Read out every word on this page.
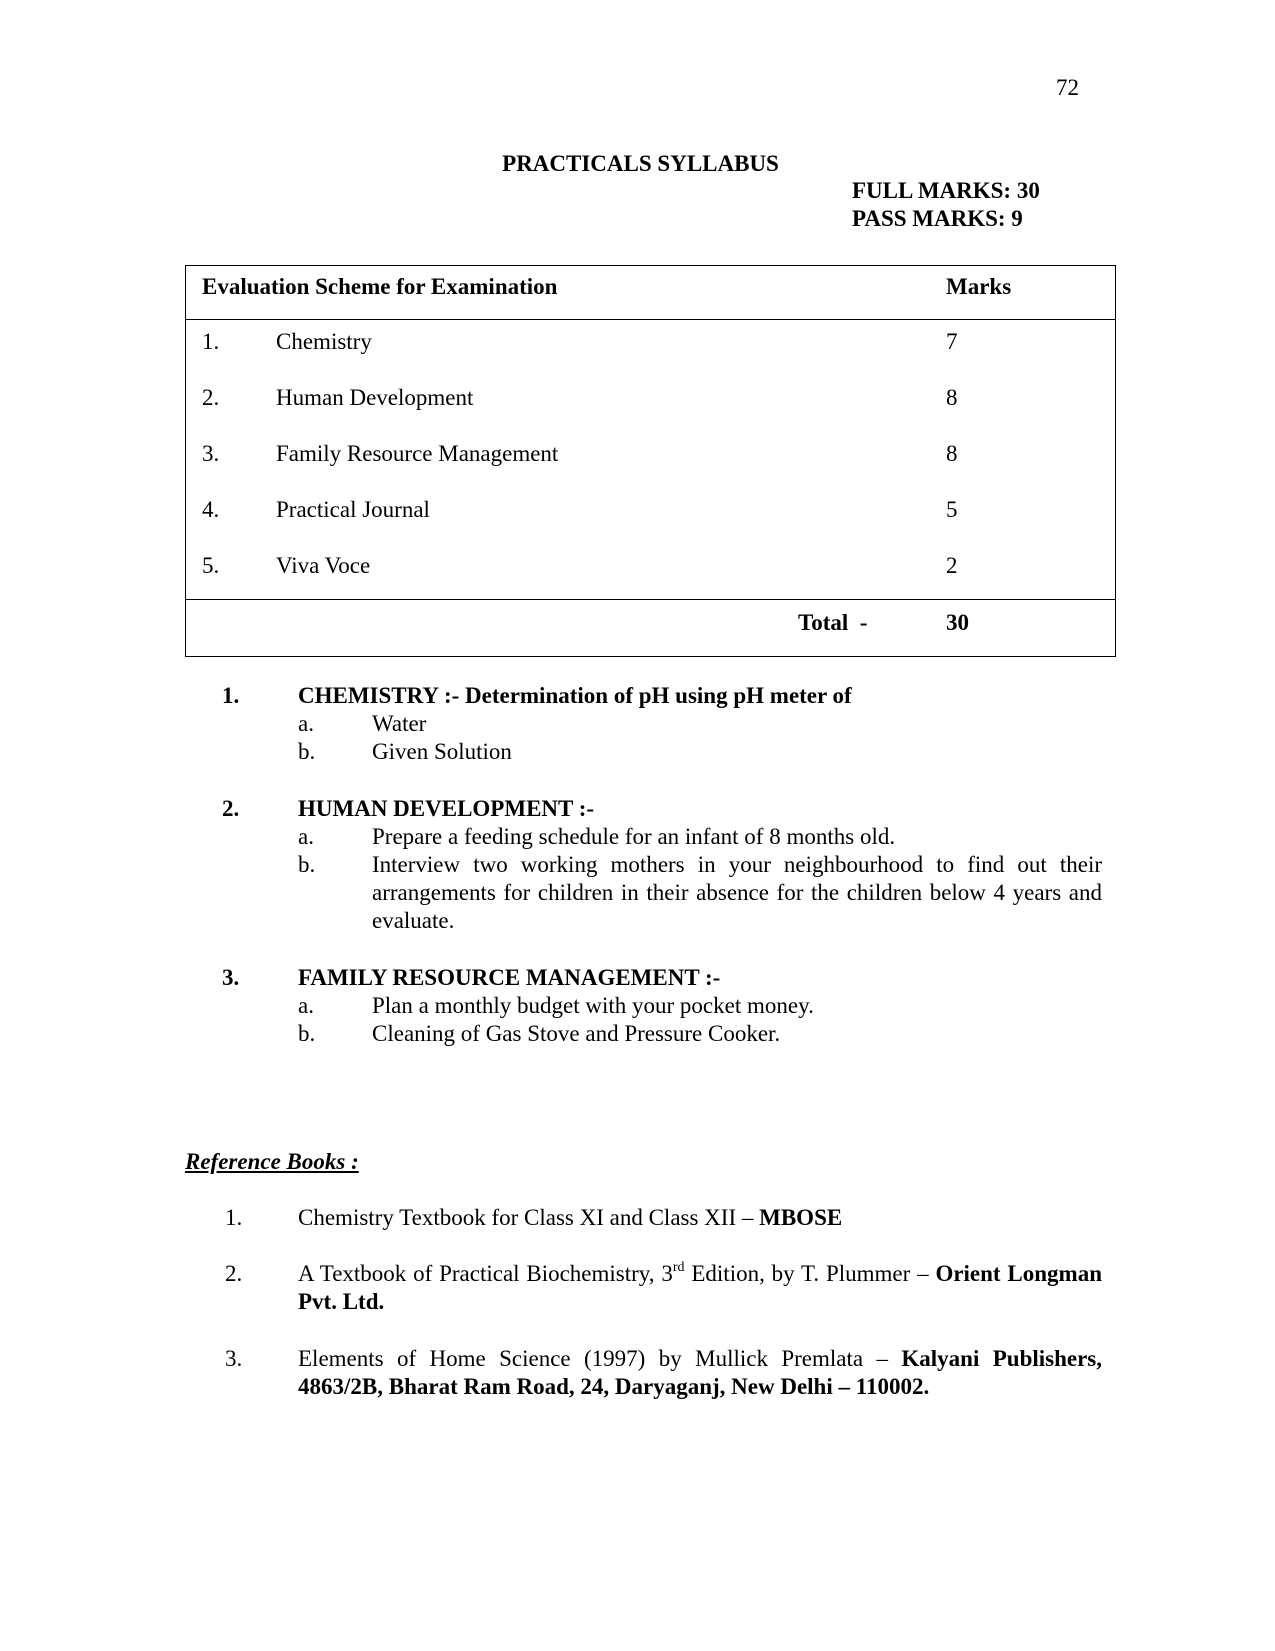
72
PRACTICALS SYLLABUS
FULL MARKS: 30
PASS MARKS: 9
Evaluation Scheme for Examination	Marks
1. Chemistry	7
2. Human Development	8
3. Family Resource Management	8
4. Practical Journal	5
5. Viva Voce	2
Total  -	30
1.	CHEMISTRY :- Determination of pH using pH meter of
a.	Water
b. Given Solution
2.	HUMAN DEVELOPMENT :-
a.	Prepare a feeding schedule for an infant of 8 months old.
b. Interview two working mothers in your neighbourhood to find out their arrangements for children in their absence for the children below 4 years and evaluate.
3.	FAMILY RESOURCE MANAGEMENT :-
a.	Plan a monthly budget with your pocket money.
b. Cleaning of Gas Stove and Pressure Cooker.
Reference Books :
1. Chemistry Textbook for Class XI and Class XII – MBOSE
2. A Textbook of Practical Biochemistry, 3rd Edition, by T. Plummer – Orient Longman Pvt. Ltd.
3. Elements of Home Science (1997) by Mullick Premlata – Kalyani Publishers, 4863/2B, Bharat Ram Road, 24, Daryaganj, New Delhi – 110002.
